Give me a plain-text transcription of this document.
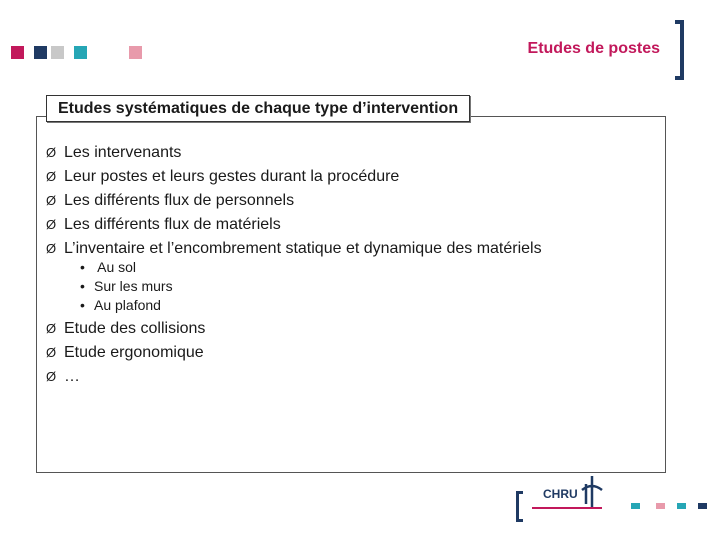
Etudes de postes
Etudes systématiques de chaque type d’intervention
Ø Les intervenants
Ø Leur postes et leurs gestes durant la procédure
Ø Les différents flux de personnels
Ø Les différents flux de matériels
Ø L’inventaire et l’encombrement statique et dynamique des matériels
• Au sol
• Sur les murs
• Au plafond
Ø Etude des collisions
Ø Etude ergonomique
Ø …
CHRU
